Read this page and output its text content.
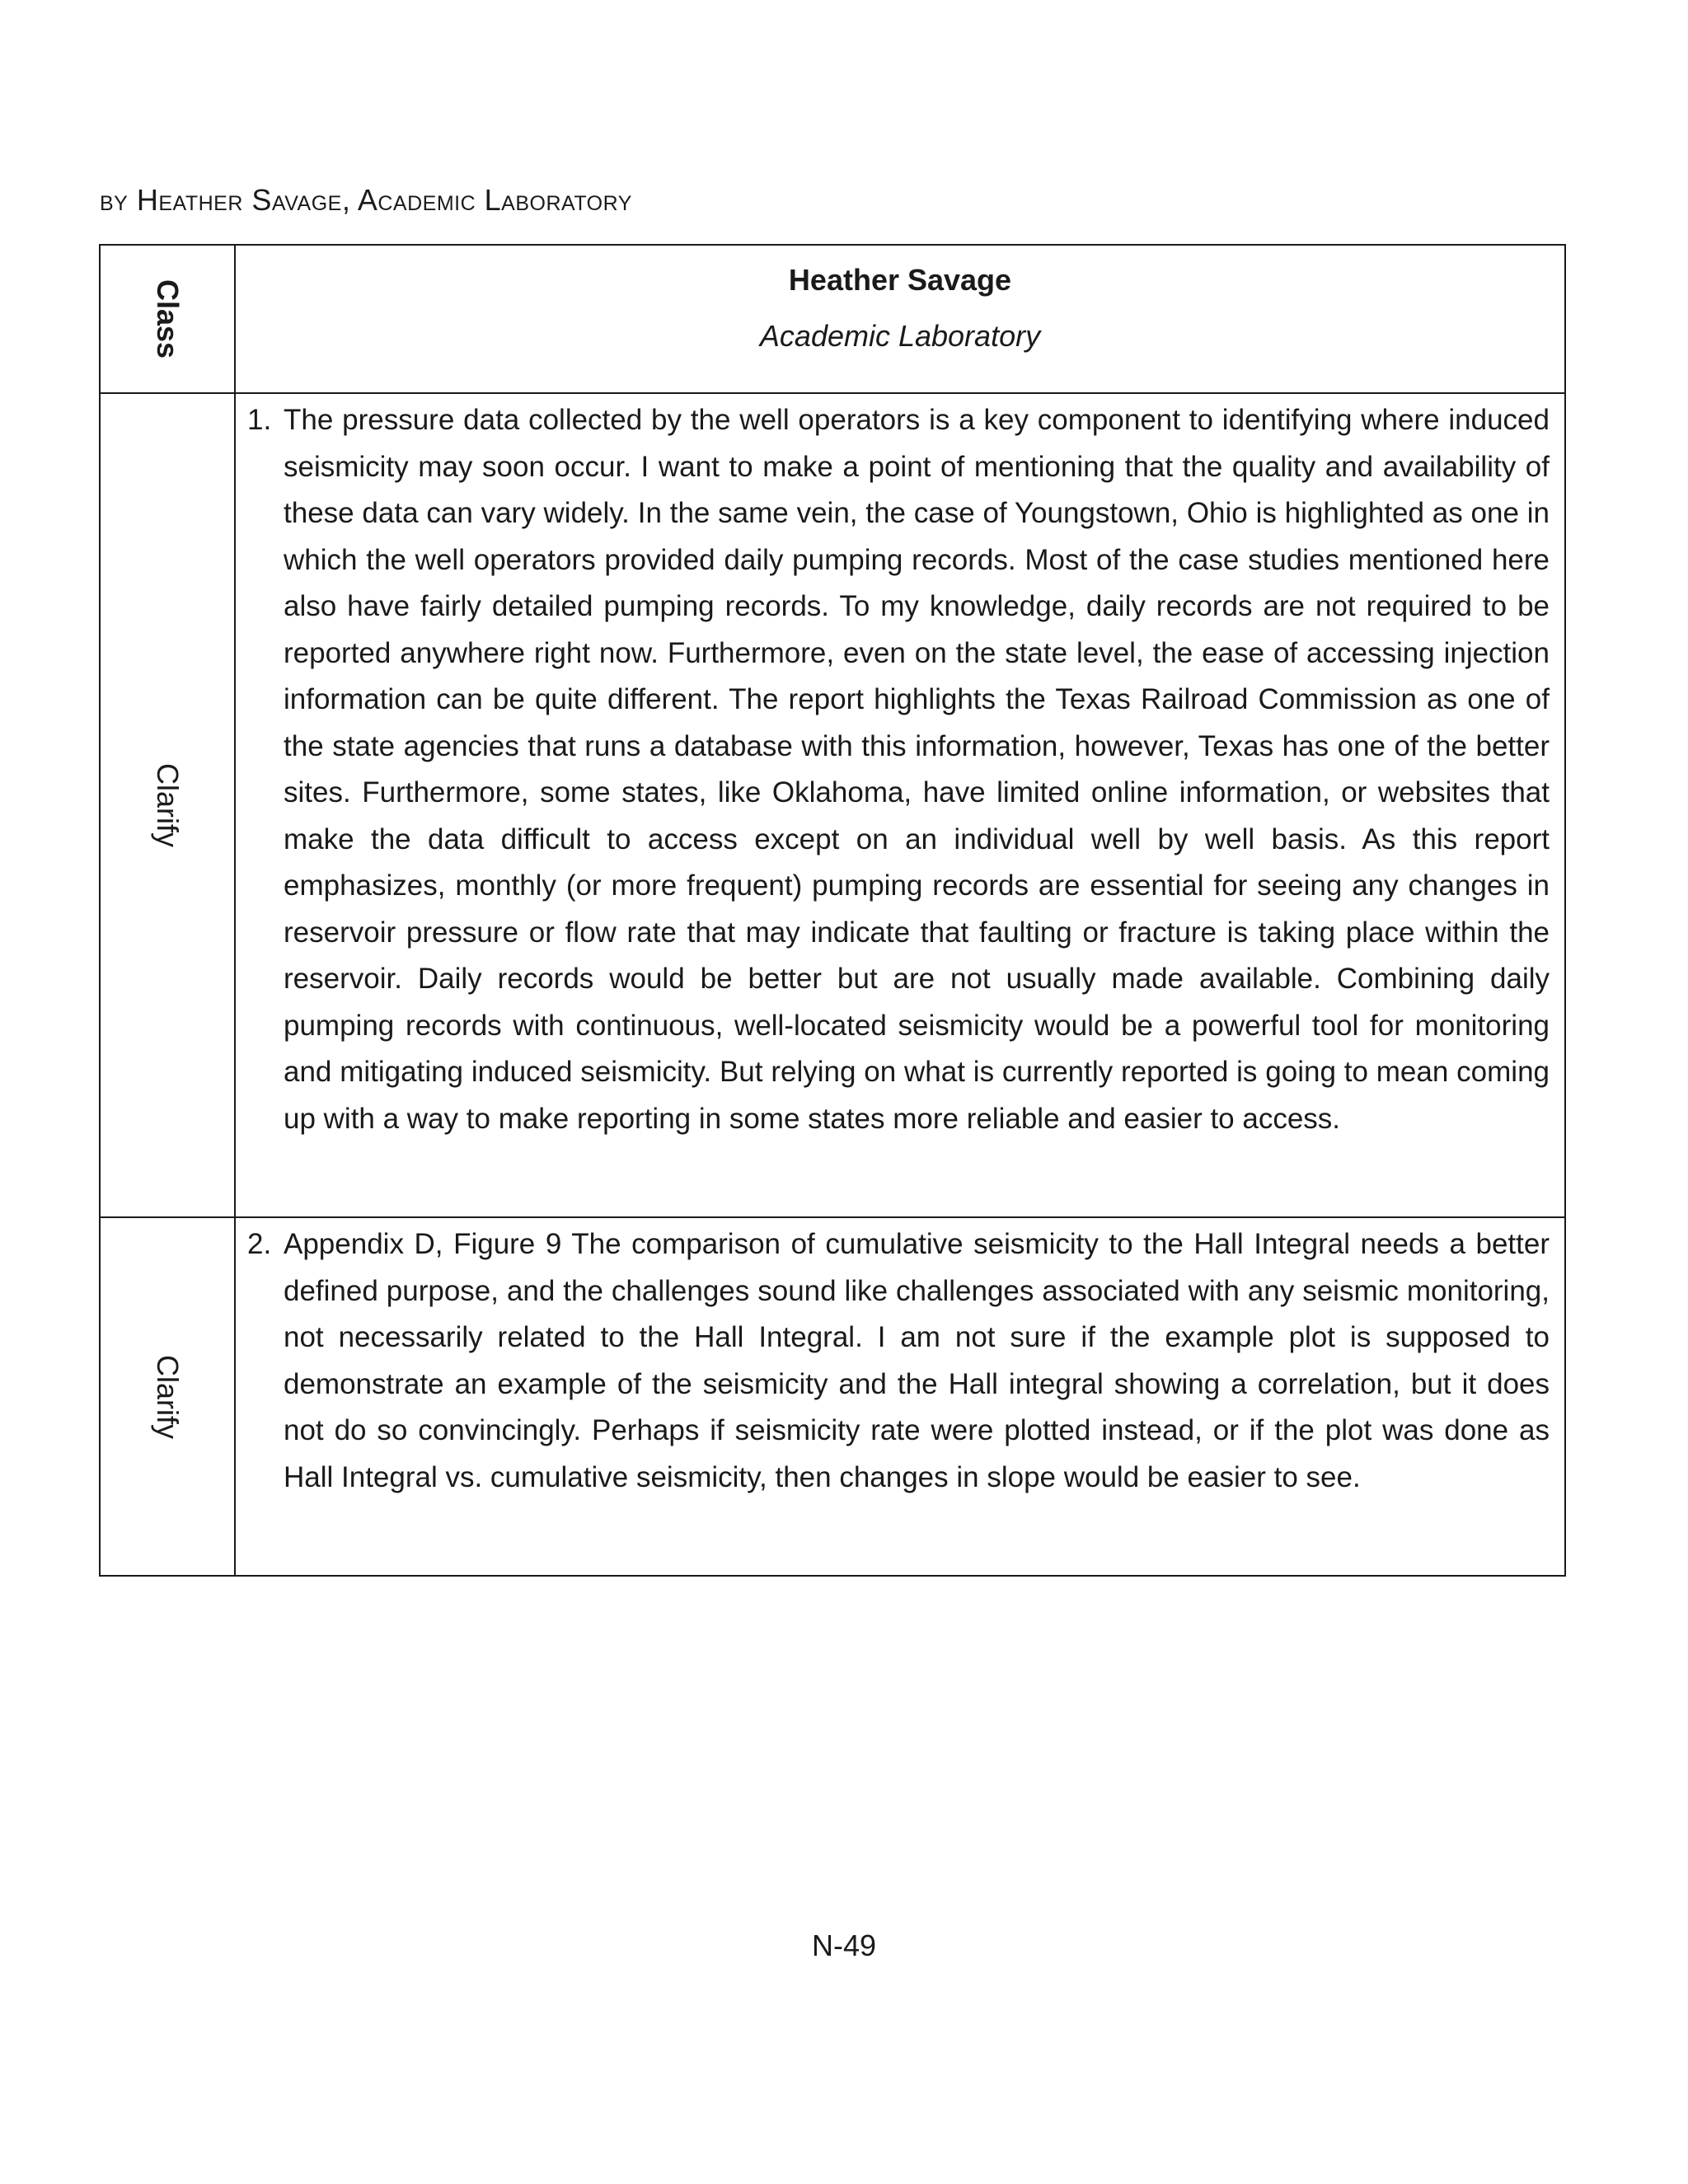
by Heather Savage, Academic Laboratory
Class	Heather Savage
Academic Laboratory

Clarify	1. The pressure data collected by the well operators is a key component to identifying where induced seismicity may soon occur. I want to make a point of mentioning that the quality and availability of these data can vary widely. In the same vein, the case of Youngstown, Ohio is highlighted as one in which the well operators provided daily pumping records. Most of the case studies mentioned here also have fairly detailed pumping records. To my knowledge, daily records are not required to be reported anywhere right now. Furthermore, even on the state level, the ease of accessing injection information can be quite different. The report highlights the Texas Railroad Commission as one of the state agencies that runs a database with this information, however, Texas has one of the better sites. Furthermore, some states, like Oklahoma, have limited online information, or websites that make the data difficult to access except on an individual well by well basis. As this report emphasizes, monthly (or more frequent) pumping records are essential for seeing any changes in reservoir pressure or flow rate that may indicate that faulting or fracture is taking place within the reservoir. Daily records would be better but are not usually made available. Combining daily pumping records with continuous, well-located seismicity would be a powerful tool for monitoring and mitigating induced seismicity. But relying on what is currently reported is going to mean coming up with a way to make reporting in some states more reliable and easier to access.

Clarify	2. Appendix D, Figure 9 The comparison of cumulative seismicity to the Hall Integral needs a better defined purpose, and the challenges sound like challenges associated with any seismic monitoring, not necessarily related to the Hall Integral. I am not sure if the example plot is supposed to demonstrate an example of the seismicity and the Hall integral showing a correlation, but it does not do so convincingly. Perhaps if seismicity rate were plotted instead, or if the plot was done as Hall Integral vs. cumulative seismicity, then changes in slope would be easier to see.
N-49
